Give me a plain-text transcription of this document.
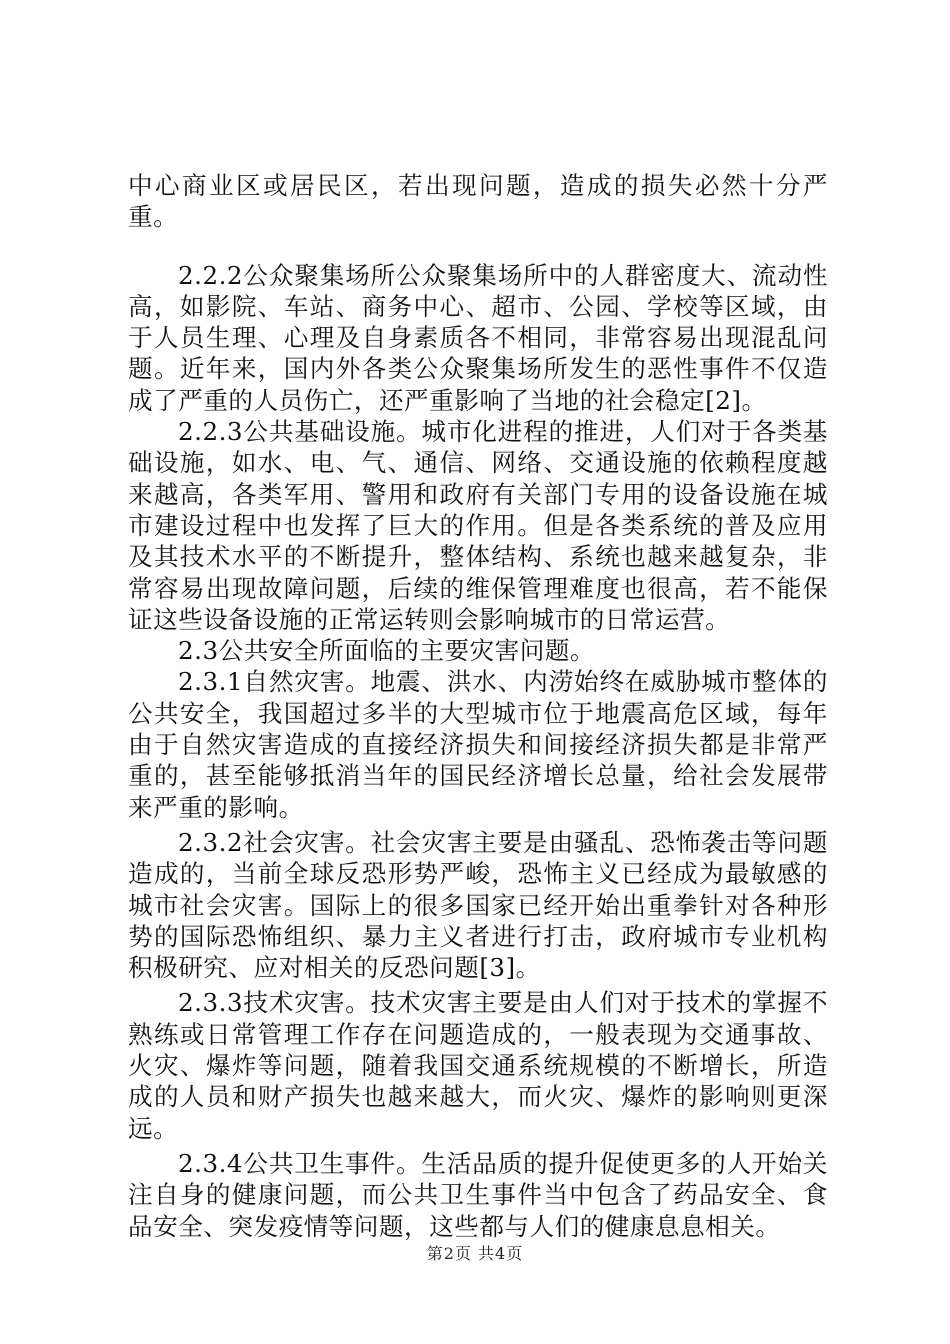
中心商业区或居民区，若出现问题，造成的损失必然十分严重。

2.2.2公众聚集场所公众聚集场所中的人群密度大、流动性高，如影院、车站、商务中心、超市、公园、学校等区域，由于人员生理、心理及自身素质各不相同，非常容易出现混乱问题。近年来，国内外各类公众聚集场所发生的恶性事件不仅造成了严重的人员伤亡，还严重影响了当地的社会稳定[2]。

2.2.3公共基础设施。城市化进程的推进，人们对于各类基础设施，如水、电、气、通信、网络、交通设施的依赖程度越来越高，各类军用、警用和政府有关部门专用的设备设施在城市建设过程中也发挥了巨大的作用。但是各类系统的普及应用及其技术水平的不断提升，整体结构、系统也越来越复杂，非常容易出现故障问题，后续的维保管理难度也很高，若不能保证这些设备设施的正常运转则会影响城市的日常运营。

2.3公共安全所面临的主要灾害问题。

2.3.1自然灾害。地震、洪水、内涝始终在威胁城市整体的公共安全，我国超过多半的大型城市位于地震高危区域，每年由于自然灾害造成的直接经济损失和间接经济损失都是非常严重的，甚至能够抵消当年的国民经济增长总量，给社会发展带来严重的影响。

2.3.2社会灾害。社会灾害主要是由骚乱、恐怖袭击等问题造成的，当前全球反恐形势严峻，恐怖主义已经成为最敏感的城市社会灾害。国际上的很多国家已经开始出重拳针对各种形势的国际恐怖组织、暴力主义者进行打击，政府城市专业机构积极研究、应对相关的反恐问题[3]。

2.3.3技术灾害。技术灾害主要是由人们对于技术的掌握不熟练或日常管理工作存在问题造成的，一般表现为交通事故、火灾、爆炸等问题，随着我国交通系统规模的不断增长，所造成的人员和财产损失也越来越大，而火灾、爆炸的影响则更深远。

2.3.4公共卫生事件。生活品质的提升促使更多的人开始关注自身的健康问题，而公共卫生事件当中包含了药品安全、食品安全、突发疫情等问题，这些都与人们的健康息息相关。

第2页 共4页
